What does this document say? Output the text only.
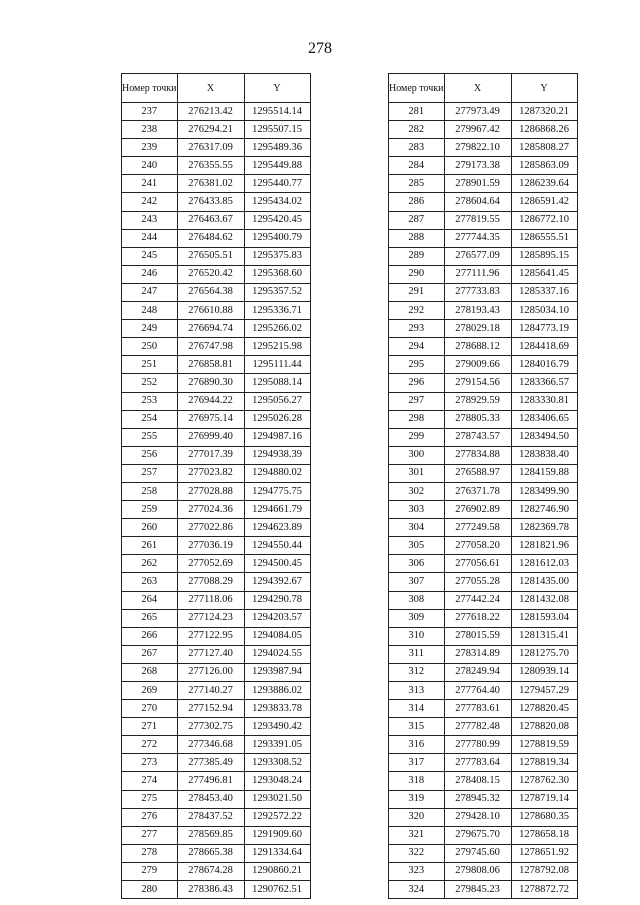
278
Номер точки	X	Y
237	276213.42	1295514.14
238	276294.21	1295507.15
239	276317.09	1295489.36
240	276355.55	1295449.88
241	276381.02	1295440.77
242	276433.85	1295434.02
243	276463.67	1295420.45
244	276484.62	1295400.79
245	276505.51	1295375.83
246	276520.42	1295368.60
247	276564.38	1295357.52
248	276610.88	1295336.71
249	276694.74	1295266.02
250	276747.98	1295215.98
251	276858.81	1295111.44
252	276890.30	1295088.14
253	276944.22	1295056.27
254	276975.14	1295026.28
255	276999.40	1294987.16
256	277017.39	1294938.39
257	277023.82	1294880.02
258	277028.88	1294775.75
259	277024.36	1294661.79
260	277022.86	1294623.89
261	277036.19	1294550.44
262	277052.69	1294500.45
263	277088.29	1294392.67
264	277118.06	1294290.78
265	277124.23	1294203.57
266	277122.95	1294084.05
267	277127.40	1294024.55
268	277126.00	1293987.94
269	277140.27	1293886.02
270	277152.94	1293833.78
271	277302.75	1293490.42
272	277346.68	1293391.05
273	277385.49	1293308.52
274	277496.81	1293048.24
275	278453.40	1293021.50
276	278437.52	1292572.22
277	278569.85	1291909.60
278	278665.38	1291334.64
279	278674.28	1290860.21
280	278386.43	1290762.51
Номер точки	X	Y
281	277973.49	1287320.21
282	279967.42	1286868.26
283	279822.10	1285808.27
284	279173.38	1285863.09
285	278901.59	1286239.64
286	278604.64	1286591.42
287	277819.55	1286772.10
288	277744.35	1286555.51
289	276577.09	1285895.15
290	277111.96	1285641.45
291	277733.83	1285337.16
292	278193.43	1285034.10
293	278029.18	1284773.19
294	278688.12	1284418.69
295	279009.66	1284016.79
296	279154.56	1283366.57
297	278929.59	1283330.81
298	278805.33	1283406.65
299	278743.57	1283494.50
300	277834.88	1283838.40
301	276588.97	1284159.88
302	276371.78	1283499.90
303	276902.89	1282746.90
304	277249.58	1282369.78
305	277058.20	1281821.96
306	277056.61	1281612.03
307	277055.28	1281435.00
308	277442.24	1281432.08
309	277618.22	1281593.04
310	278015.59	1281315.41
311	278314.89	1281275.70
312	278249.94	1280939.14
313	277764.40	1279457.29
314	277783.61	1278820.45
315	277782.48	1278820.08
316	277780.99	1278819.59
317	277783.64	1278819.34
318	278408.15	1278762.30
319	278945.32	1278719.14
320	279428.10	1278680.35
321	279675.70	1278658.18
322	279745.60	1278651.92
323	279808.06	1278792.08
324	279845.23	1278872.72
